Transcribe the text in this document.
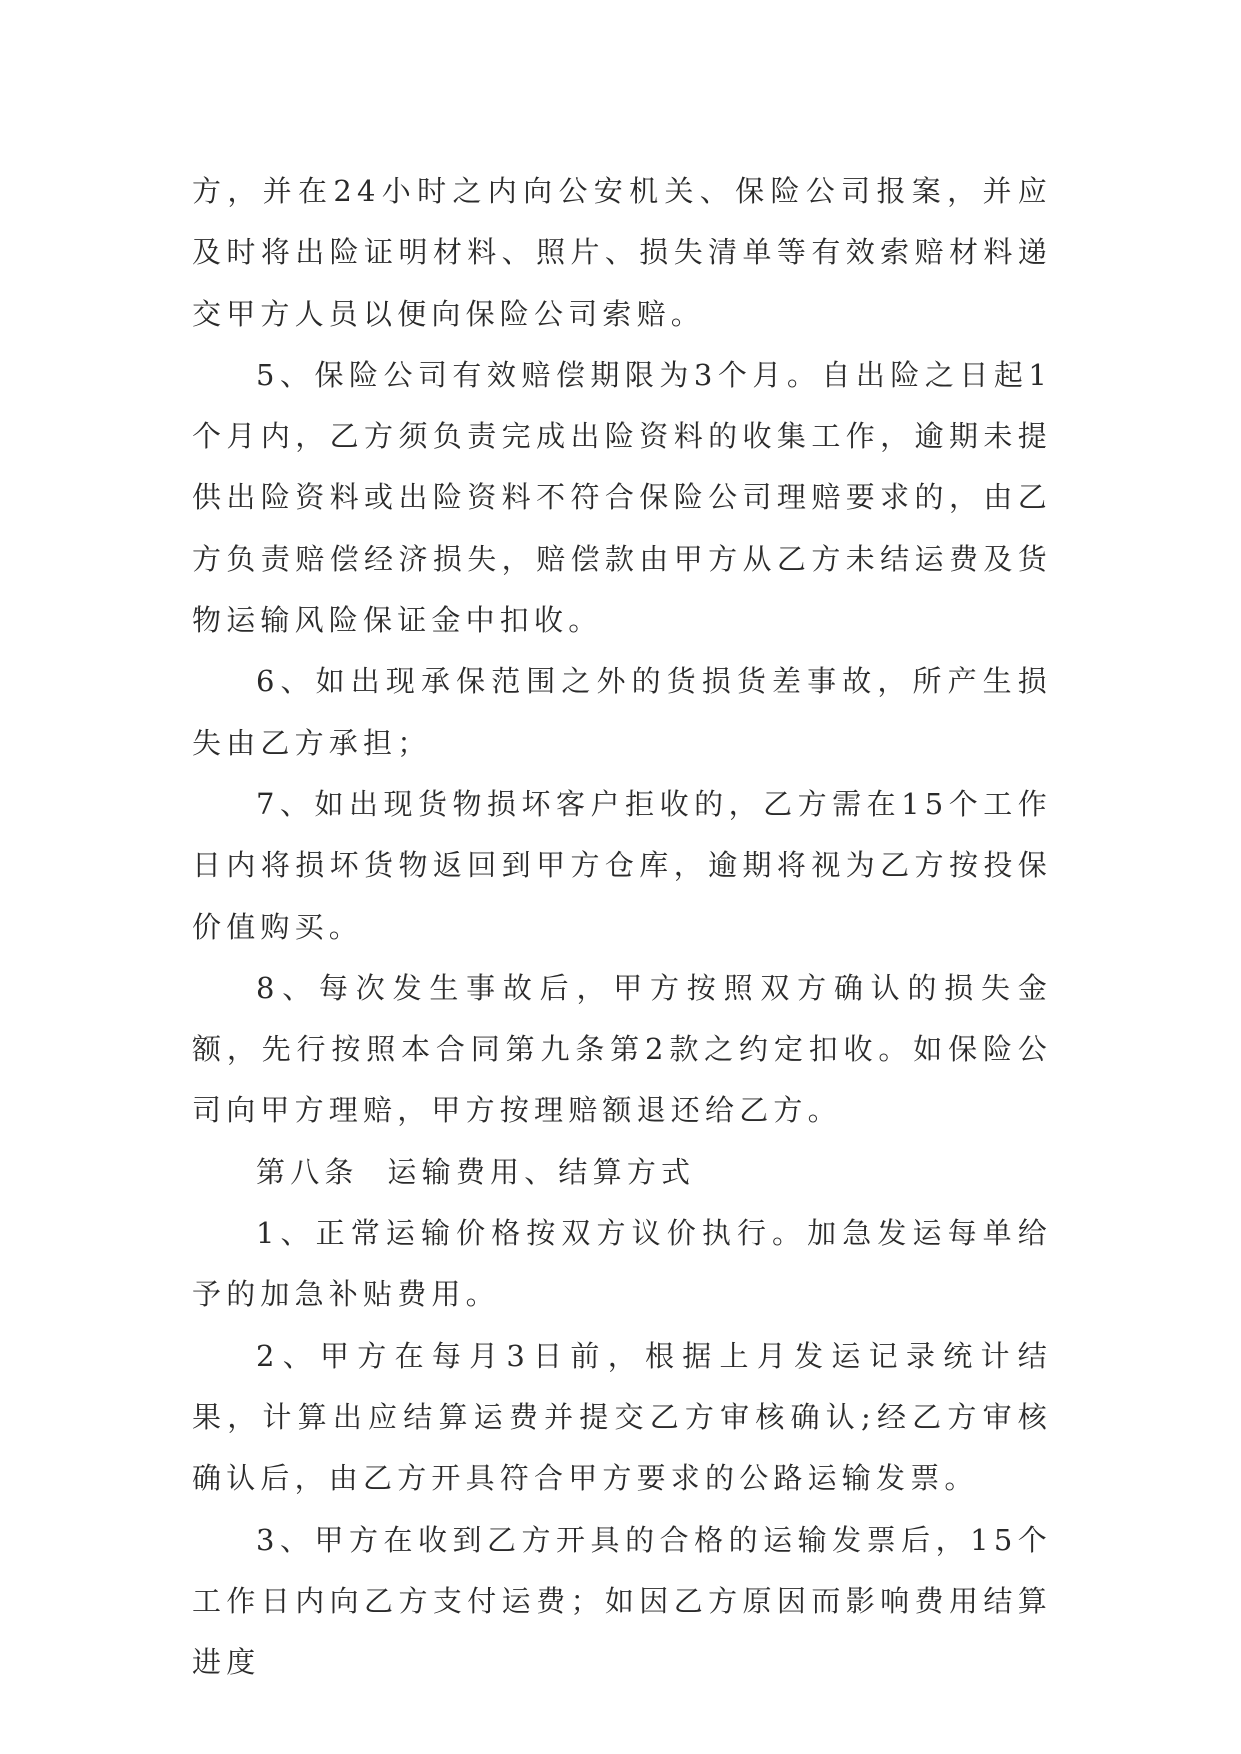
方，并在24小时之内向公安机关、保险公司报案，并应及时将出险证明材料、照片、损失清单等有效索赔材料递交甲方人员以便向保险公司索赔。

5、保险公司有效赔偿期限为3个月。自出险之日起1个月内，乙方须负责完成出险资料的收集工作，逾期未提供出险资料或出险资料不符合保险公司理赔要求的，由乙方负责赔偿经济损失，赔偿款由甲方从乙方未结运费及货物运输风险保证金中扣收。

6、如出现承保范围之外的货损货差事故，所产生损失由乙方承担；

7、如出现货物损坏客户拒收的，乙方需在15个工作日内将损坏货物返回到甲方仓库，逾期将视为乙方按投保价值购买。

8、每次发生事故后，甲方按照双方确认的损失金额，先行按照本合同第九条第2款之约定扣收。如保险公司向甲方理赔，甲方按理赔额退还给乙方。

第八条  运输费用、结算方式

1、正常运输价格按双方议价执行。加急发运每单给予的加急补贴费用。

2、甲方在每月3日前，根据上月发运记录统计结果，计算出应结算运费并提交乙方审核确认;经乙方审核确认后，由乙方开具符合甲方要求的公路运输发票。

3、甲方在收到乙方开具的合格的运输发票后，15个工作日内向乙方支付运费；如因乙方原因而影响费用结算进度
